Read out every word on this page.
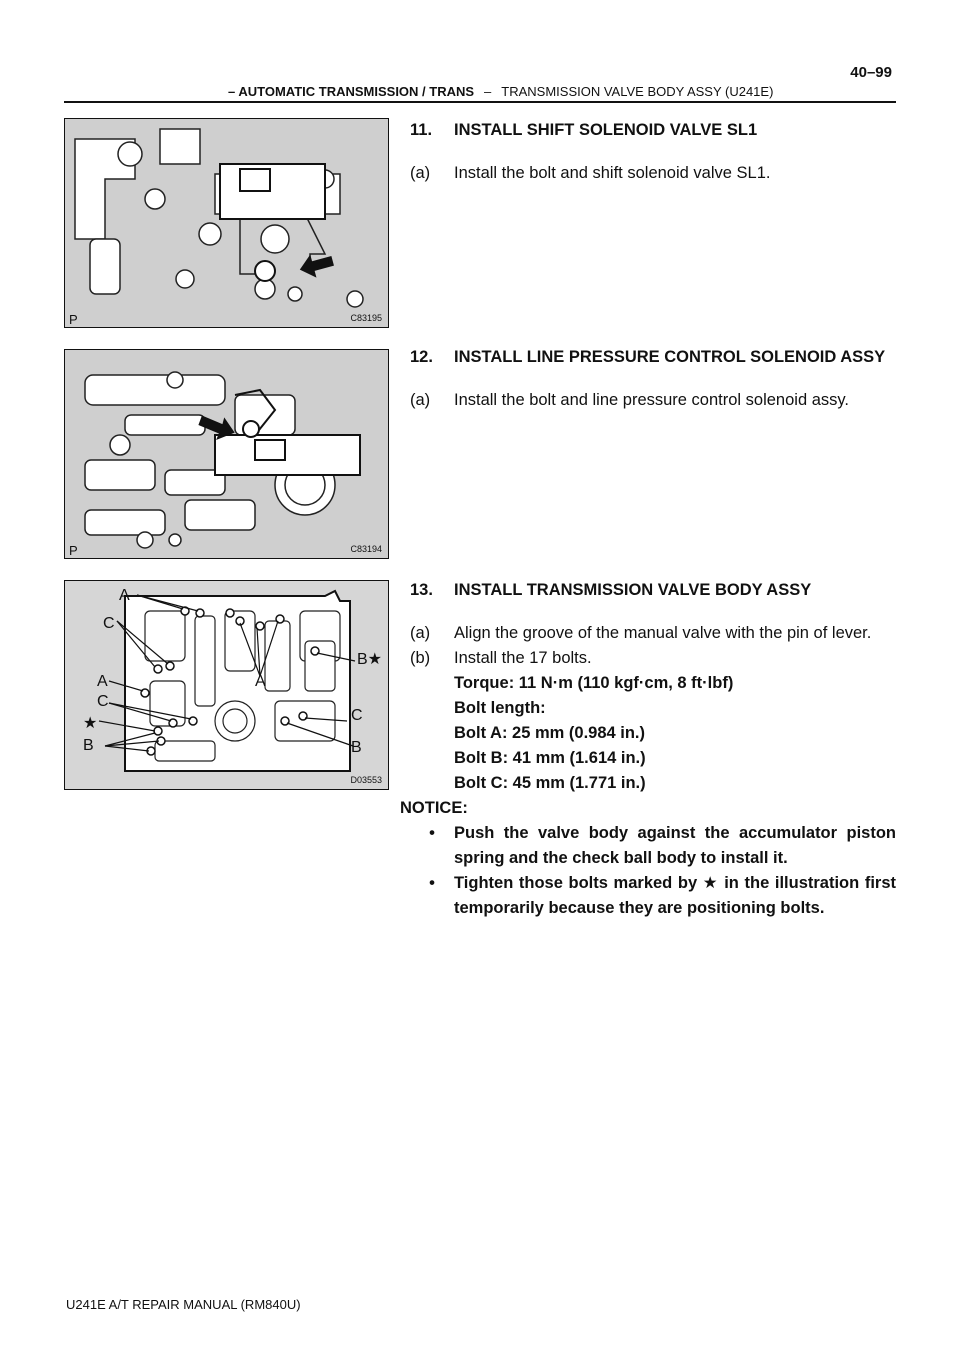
– AUTOMATIC TRANSMISSION / TRANS – TRANSMISSION VALVE BODY ASSY (U241E)
40–99
P	C83195
P	C83194
A
C
B★
A	A
C
C
★
B	B
D03553
11.	INSTALL SHIFT SOLENOID VALVE SL1
(a)	Install the bolt and shift solenoid valve SL1.
12.	INSTALL LINE PRESSURE CONTROL SOLENOID ASSY
(a)	Install the bolt and line pressure control solenoid assy.
13.	INSTALL TRANSMISSION VALVE BODY ASSY
(a)	Align the groove of the manual valve with the pin of lever.
(b)	Install the 17 bolts.
Torque: 11 N·m (110 kgf·cm, 8 ft·lbf)
Bolt length:
Bolt A: 25 mm (0.984 in.)
Bolt B: 41 mm (1.614 in.)
Bolt C: 45 mm (1.771 in.)
NOTICE:
•	Push the valve body against the accumulator piston spring and the check ball body to install it.
•	Tighten those bolts marked by ★ in the illustration first temporarily because they are positioning bolts.
U241E A/T REPAIR MANUAL (RM840U)
